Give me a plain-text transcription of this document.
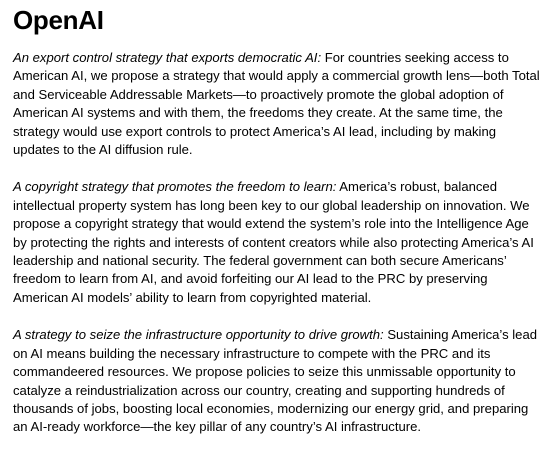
OpenAI

An export control strategy that exports democratic AI: For countries seeking access to
American AI, we propose a strategy that would apply a commercial growth lens—both Total
and Serviceable Addressable Markets—to proactively promote the global adoption of
American AI systems and with them, the freedoms they create. At the same time, the
strategy would use export controls to protect America’s AI lead, including by making
updates to the AI diffusion rule.

A copyright strategy that promotes the freedom to learn: America’s robust, balanced
intellectual property system has long been key to our global leadership on innovation. We
propose a copyright strategy that would extend the system’s role into the Intelligence Age
by protecting the rights and interests of content creators while also protecting America’s AI
leadership and national security. The federal government can both secure Americans’
freedom to learn from AI, and avoid forfeiting our AI lead to the PRC by preserving
American AI models’ ability to learn from copyrighted material.

A strategy to seize the infrastructure opportunity to drive growth: Sustaining America’s lead
on AI means building the necessary infrastructure to compete with the PRC and its
commandeered resources. We propose policies to seize this unmissable opportunity to
catalyze a reindustrialization across our country, creating and supporting hundreds of
thousands of jobs, boosting local economies, modernizing our energy grid, and preparing
an AI-ready workforce—the key pillar of any country’s AI infrastructure.
